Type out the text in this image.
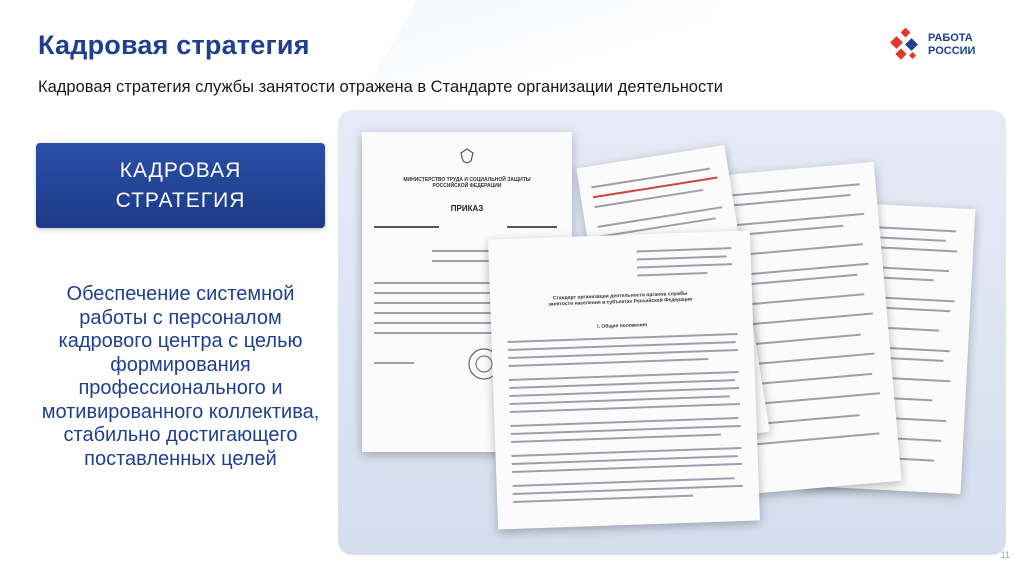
Кадровая стратегия

Кадровая стратегия службы занятости отражена в Стандарте организации деятельности

РАБОТА
РОССИИ
КАДРОВАЯ
СТРАТЕГИЯ

Обеспечение системной работы с персоналом кадрового центра с целью формирования профессионального и мотивированного коллектива, стабильно достигающего поставленных целей

МИНИСТЕРСТВО ТРУДА И СОЦИАЛЬНОЙ ЗАЩИТЫ РОССИЙСКОЙ ФЕДЕРАЦИИ
ПРИКАЗ
Стандарт организации деятельности органов службы занятости населения в субъектах Российской Федерации
I. Общие положения
11
